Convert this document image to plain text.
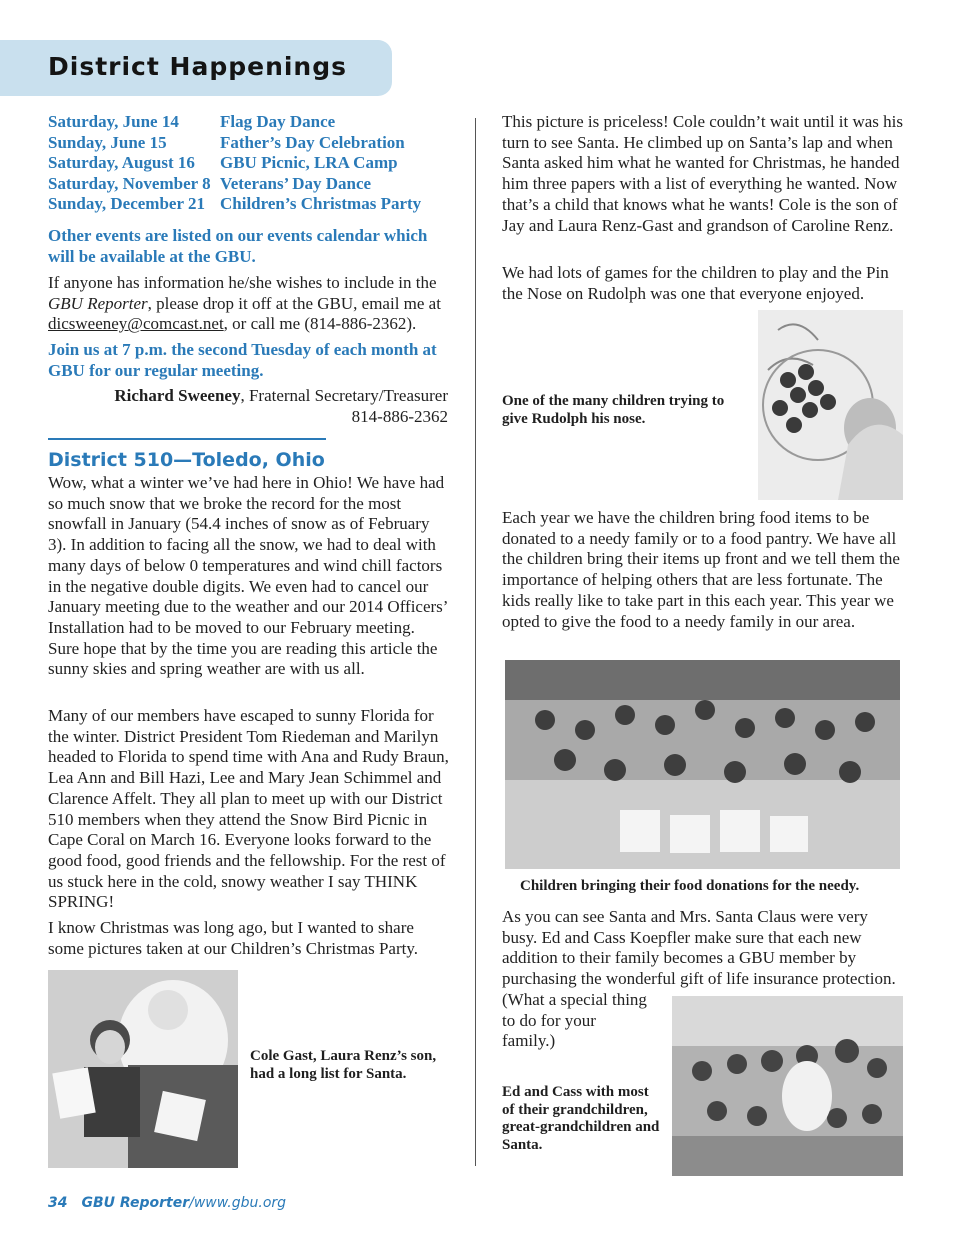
District Happenings
Saturday, June 14	Flag Day Dance
Sunday, June 15	Father’s Day Celebration
Saturday, August 16	GBU Picnic, LRA Camp
Saturday, November 8 Veterans’ Day Dance
Sunday, December 21 Children’s Christmas Party

Other events are listed on our events calendar which will be available at the GBU.

If anyone has information he/she wishes to include in the GBU Reporter, please drop it off at the GBU, email me at dicsweeney@comcast.net, or call me (814-886-2362).

Join us at 7 p.m. the second Tuesday of each month at GBU for our regular meeting.

Richard Sweeney, Fraternal Secretary/Treasurer
814-886-2362
District 510—Toledo, Ohio

Wow, what a winter we’ve had here in Ohio! We have had so much snow that we broke the record for the most snowfall in January (54.4 inches of snow as of February 3). In addition to facing all the snow, we had to deal with many days of below 0 temperatures and wind chill factors in the negative double digits. We even had to cancel our January meeting due to the weather and our 2014 Officers’ Installation had to be moved to our February meeting. Sure hope that by the time you are reading this article the sunny skies and spring weather are with us all.

Many of our members have escaped to sunny Florida for the winter. District President Tom Riedeman and Marilyn headed to Florida to spend time with Ana and Rudy Braun, Lea Ann and Bill Hazi, Lee and Mary Jean Schimmel and Clarence Affelt. They all plan to meet up with our District 510 members when they attend the Snow Bird Picnic in Cape Coral on March 16. Everyone looks forward to the good food, good friends and the fellowship. For the rest of us stuck here in the cold, snowy weather I say THINK SPRING!

I know Christmas was long ago, but I wanted to share some pictures taken at our Children’s Christmas Party.

Cole Gast, Laura Renz’s son, had a long list for Santa.

This picture is priceless! Cole couldn’t wait until it was his turn to see Santa. He climbed up on Santa’s lap and when Santa asked him what he wanted for Christmas, he handed him three papers with a list of everything he wanted. Now that’s a child that knows what he wants! Cole is the son of Jay and Laura Renz-Gast and grandson of Caroline Renz.

We had lots of games for the children to play and the Pin the Nose on Rudolph was one that everyone enjoyed.

One of the many children trying to give Rudolph his nose.

Each year we have the children bring food items to be donated to a needy family or to a food pantry. We have all the children bring their items up front and we tell them the importance of helping others that are less fortunate. The kids really like to take part in this each year. This year we opted to give the food to a needy family in our area.

Children bringing their food donations for the needy.

As you can see Santa and Mrs. Santa Claus were very busy. Ed and Cass Koepfler make sure that each new addition to their family becomes a GBU member by purchasing the wonderful gift of life insurance protection.

(What a special thing to do for your family.)

Ed and Cass with most of their grandchildren, great-grandchildren and Santa.

34 GBU Reporter/www.gbu.org
